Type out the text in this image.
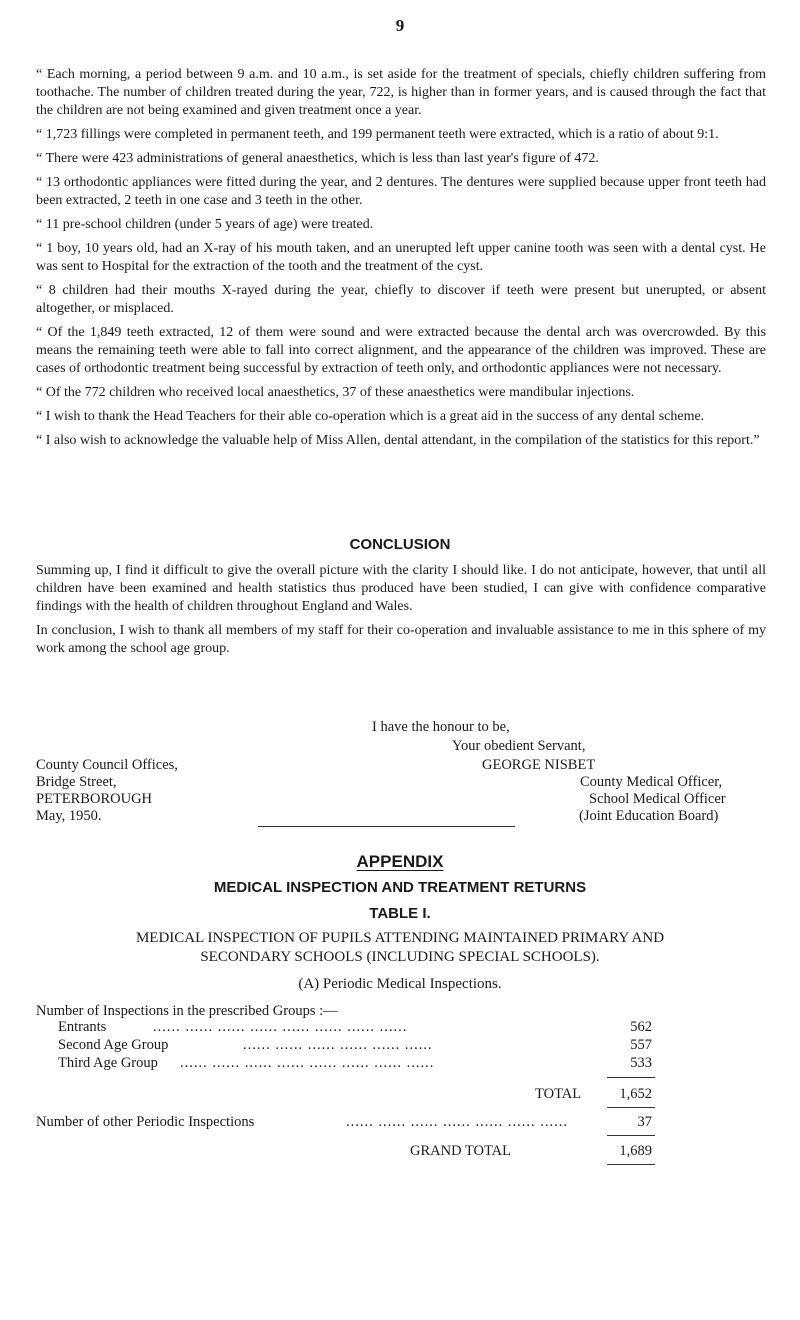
9

“ Each morning, a period between 9 a.m. and 10 a.m., is set aside for the treatment of specials, chiefly children suffering from toothache. The number of children treated during the year, 722, is higher than in former years, and is caused through the fact that the children are not being examined and given treatment once a year.

“ 1,723 fillings were completed in permanent teeth, and 199 permanent teeth were extracted, which is a ratio of about 9:1.

“ There were 423 administrations of general anaesthetics, which is less than last year's figure of 472.

“ 13 orthodontic appliances were fitted during the year, and 2 dentures. The dentures were supplied because upper front teeth had been extracted, 2 teeth in one case and 3 teeth in the other.

“ 11 pre-school children (under 5 years of age) were treated.

“ 1 boy, 10 years old, had an X-ray of his mouth taken, and an unerupted left upper canine tooth was seen with a dental cyst. He was sent to Hospital for the extraction of the tooth and the treatment of the cyst.

“ 8 children had their mouths X-rayed during the year, chiefly to discover if teeth were present but unerupted, or absent altogether, or misplaced.

“ Of the 1,849 teeth extracted, 12 of them were sound and were extracted because the dental arch was overcrowded. By this means the remaining teeth were able to fall into correct alignment, and the appearance of the children was improved. These are cases of orthodontic treatment being successful by extraction of teeth only, and orthodontic appliances were not necessary.

“ Of the 772 children who received local anaesthetics, 37 of these anaesthetics were mandibular injections.

“ I wish to thank the Head Teachers for their able co-operation which is a great aid in the success of any dental scheme.

“ I also wish to acknowledge the valuable help of Miss Allen, dental attendant, in the compilation of the statistics for this report.”

CONCLUSION

Summing up, I find it difficult to give the overall picture with the clarity I should like. I do not anticipate, however, that until all children have been examined and health statistics thus produced have been studied, I can give with confidence comparative findings with the health of children throughout England and Wales.

In conclusion, I wish to thank all members of my staff for their co-operation and invaluable assistance to me in this sphere of my work among the school age group.

I have the honour to be,
Your obedient Servant,
County Council Offices,
Bridge Street,
PETERBOROUGH
May, 1950.
GEORGE NISBET
County Medical Officer,
School Medical Officer
(Joint Education Board)
APPENDIX
MEDICAL INSPECTION AND TREATMENT RETURNS
TABLE I.
MEDICAL INSPECTION OF PUPILS ATTENDING MAINTAINED PRIMARY AND
SECONDARY SCHOOLS (INCLUDING SPECIAL SCHOOLS).
(A) Periodic Medical Inspections.
Number of Inspections in the prescribed Groups :—
Entrants	...... ...... ...... ...... ...... ...... ...... ......	562
Second Age Group	...... ...... ...... ...... ...... ......	557
Third Age Group ...... ...... ...... ...... ...... ...... ...... ......	533
TOTAL	1,652
Number of other Periodic Inspections	...... ...... ...... ...... ...... ...... ......	37
GRAND TOTAL	1,689
